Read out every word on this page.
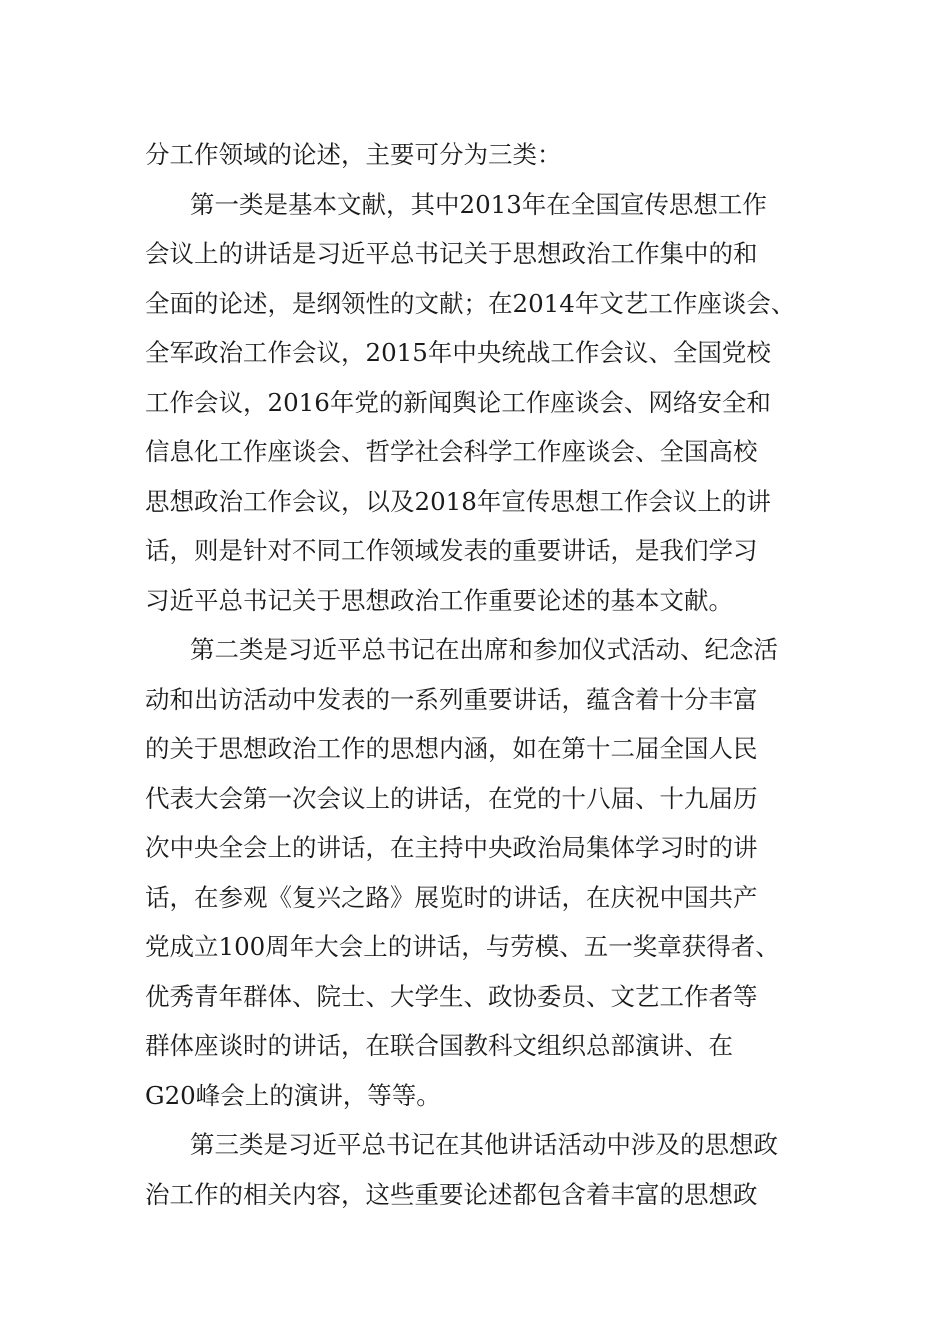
分工作领域的论述，主要可分为三类：
第一类是基本文献，其中2013年在全国宣传思想工作
会议上的讲话是习近平总书记关于思想政治工作集中的和
全面的论述，是纲领性的文献；在2014年文艺工作座谈会、
全军政治工作会议，2015年中央统战工作会议、全国党校
工作会议，2016年党的新闻舆论工作座谈会、网络安全和
信息化工作座谈会、哲学社会科学工作座谈会、全国高校
思想政治工作会议，以及2018年宣传思想工作会议上的讲
话，则是针对不同工作领域发表的重要讲话，是我们学习
习近平总书记关于思想政治工作重要论述的基本文献。
第二类是习近平总书记在出席和参加仪式活动、纪念活
动和出访活动中发表的一系列重要讲话，蕴含着十分丰富
的关于思想政治工作的思想内涵，如在第十二届全国人民
代表大会第一次会议上的讲话，在党的十八届、十九届历
次中央全会上的讲话，在主持中央政治局集体学习时的讲
话，在参观《复兴之路》展览时的讲话，在庆祝中国共产
党成立100周年大会上的讲话，与劳模、五一奖章获得者、
优秀青年群体、院士、大学生、政协委员、文艺工作者等
群体座谈时的讲话，在联合国教科文组织总部演讲、在
G20峰会上的演讲，等等。
第三类是习近平总书记在其他讲话活动中涉及的思想政
治工作的相关内容，这些重要论述都包含着丰富的思想政
